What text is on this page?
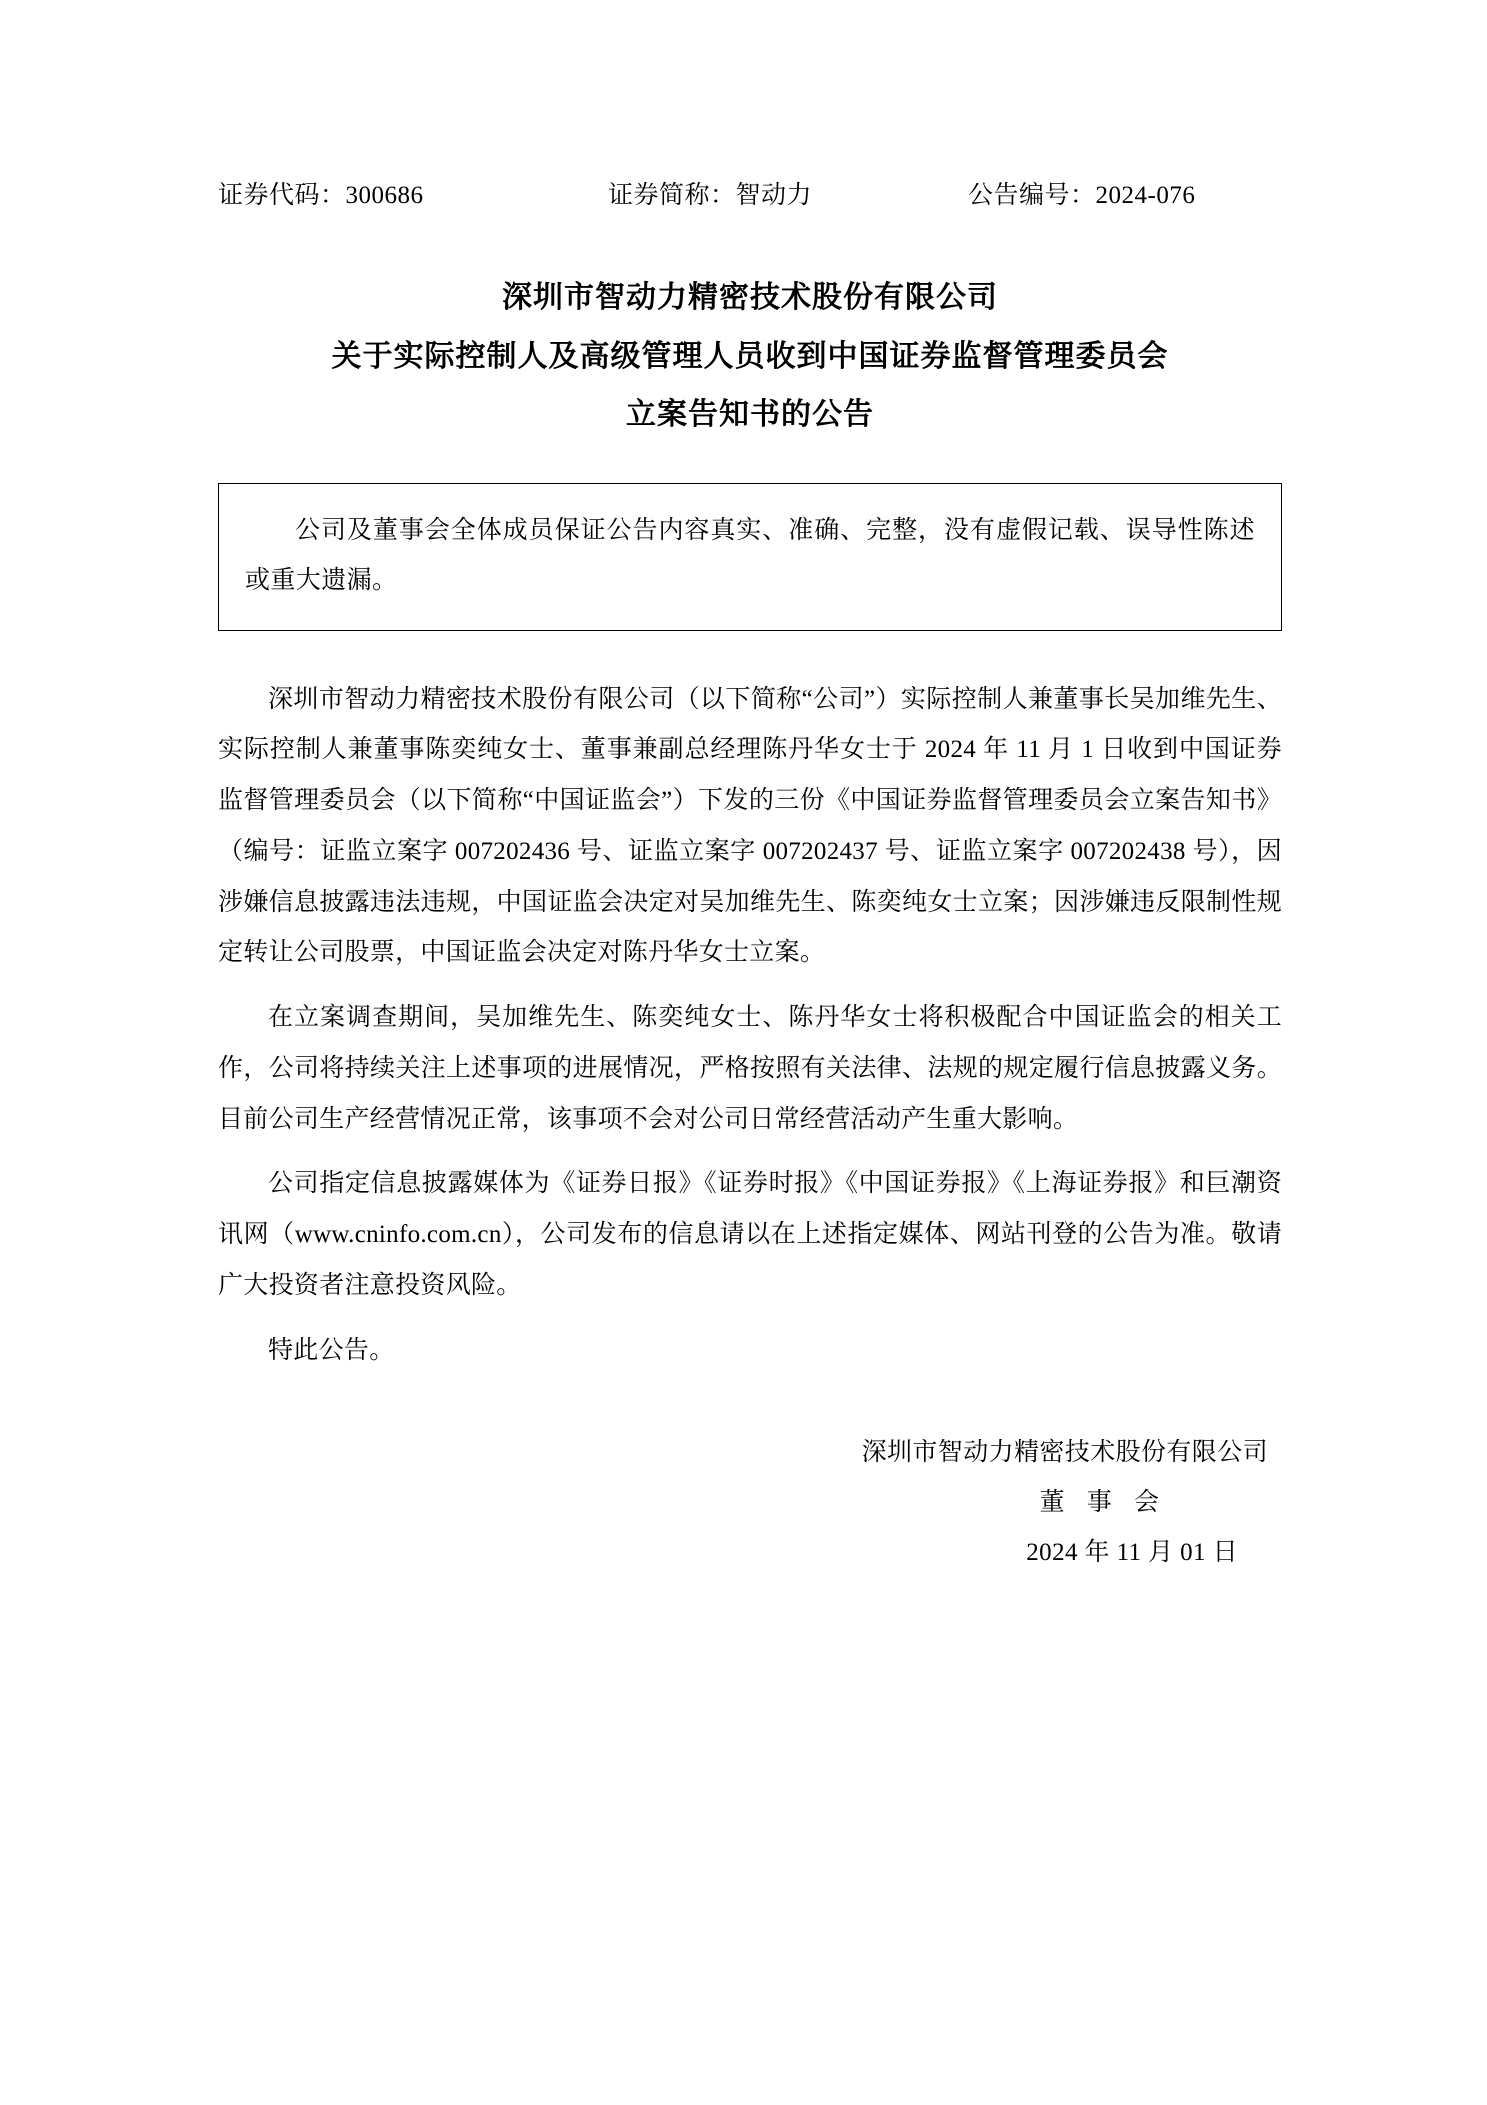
证券代码：300686	证券简称：智动力	公告编号：2024-076
深圳市智动力精密技术股份有限公司
关于实际控制人及高级管理人员收到中国证券监督管理委员会
立案告知书的公告

公司及董事会全体成员保证公告内容真实、准确、完整，没有虚假记载、误导性陈述或重大遗漏。

深圳市智动力精密技术股份有限公司（以下简称“公司”）实际控制人兼董事长吴加维先生、实际控制人兼董事陈奕纯女士、董事兼副总经理陈丹华女士于 2024 年 11 月 1 日收到中国证券监督管理委员会（以下简称“中国证监会”）下发的三份《中国证券监督管理委员会立案告知书》（编号：证监立案字 007202436 号、证监立案字 007202437 号、证监立案字 007202438 号），因涉嫌信息披露违法违规，中国证监会决定对吴加维先生、陈奕纯女士立案；因涉嫌违反限制性规定转让公司股票，中国证监会决定对陈丹华女士立案。

在立案调查期间，吴加维先生、陈奕纯女士、陈丹华女士将积极配合中国证监会的相关工作，公司将持续关注上述事项的进展情况，严格按照有关法律、法规的规定履行信息披露义务。目前公司生产经营情况正常，该事项不会对公司日常经营活动产生重大影响。

公司指定信息披露媒体为《证券日报》《证券时报》《中国证券报》《上海证券报》和巨潮资讯网（www.cninfo.com.cn），公司发布的信息请以在上述指定媒体、网站刊登的公告为准。敬请广大投资者注意投资风险。

特此公告。

深圳市智动力精密技术股份有限公司
董 事 会
2024 年 11 月 01 日
